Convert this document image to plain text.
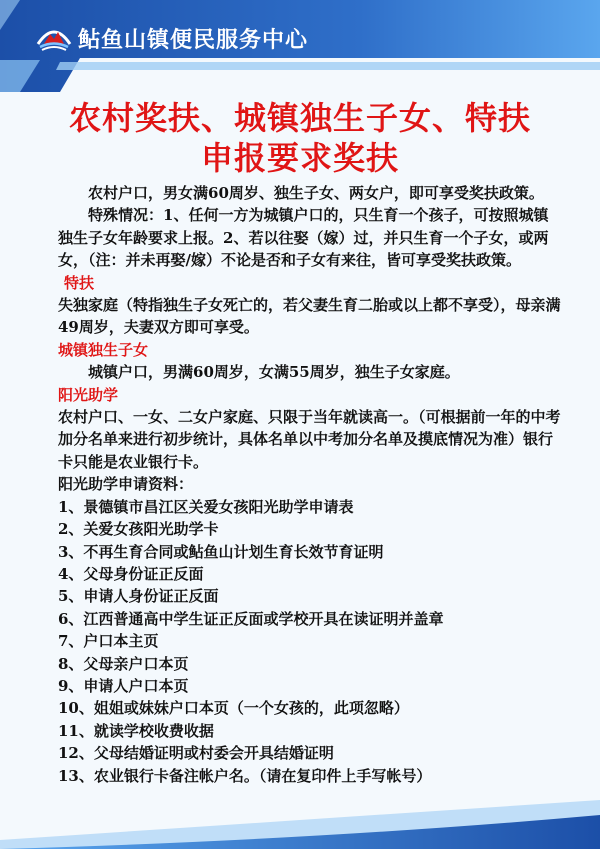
鲇鱼山镇便民服务中心
农村奖扶、城镇独生子女、特扶
申报要求奖扶

农村户口，男女满60周岁、独生子女、两女户，即可享受奖扶政策。

特殊情况：1、任何一方为城镇户口的，只生育一个孩子，可按照城镇独生子女年龄要求上报。2、若以往娶（嫁）过，并只生育一个子女，或两女，（注：并未再娶/嫁）不论是否和子女有来往，皆可享受奖扶政策。

特扶

失独家庭（特指独生子女死亡的，若父妻生育二胎或以上都不享受），母亲满49周岁，夫妻双方即可享受。

城镇独生子女

城镇户口，男满60周岁，女满55周岁，独生子女家庭。

阳光助学

农村户口、一女、二女户家庭、只限于当年就读高一。（可根据前一年的中考加分名单来进行初步统计，具体名单以中考加分名单及摸底情况为准）银行卡只能是农业银行卡。

阳光助学申请资料：

1、景德镇市昌江区关爱女孩阳光助学申请表
2、关爱女孩阳光助学卡
3、不再生育合同或鲇鱼山计划生育长效节育证明
4、父母身份证正反面
5、申请人身份证正反面
6、江西普通高中学生证正反面或学校开具在读证明并盖章
7、户口本主页
8、父母亲户口本页
9、申请人户口本页
10、姐姐或妹妹户口本页（一个女孩的，此项忽略）
11、就读学校收费收据
12、父母结婚证明或村委会开具结婚证明
13、农业银行卡备注帐户名。（请在复印件上手写帐号）
